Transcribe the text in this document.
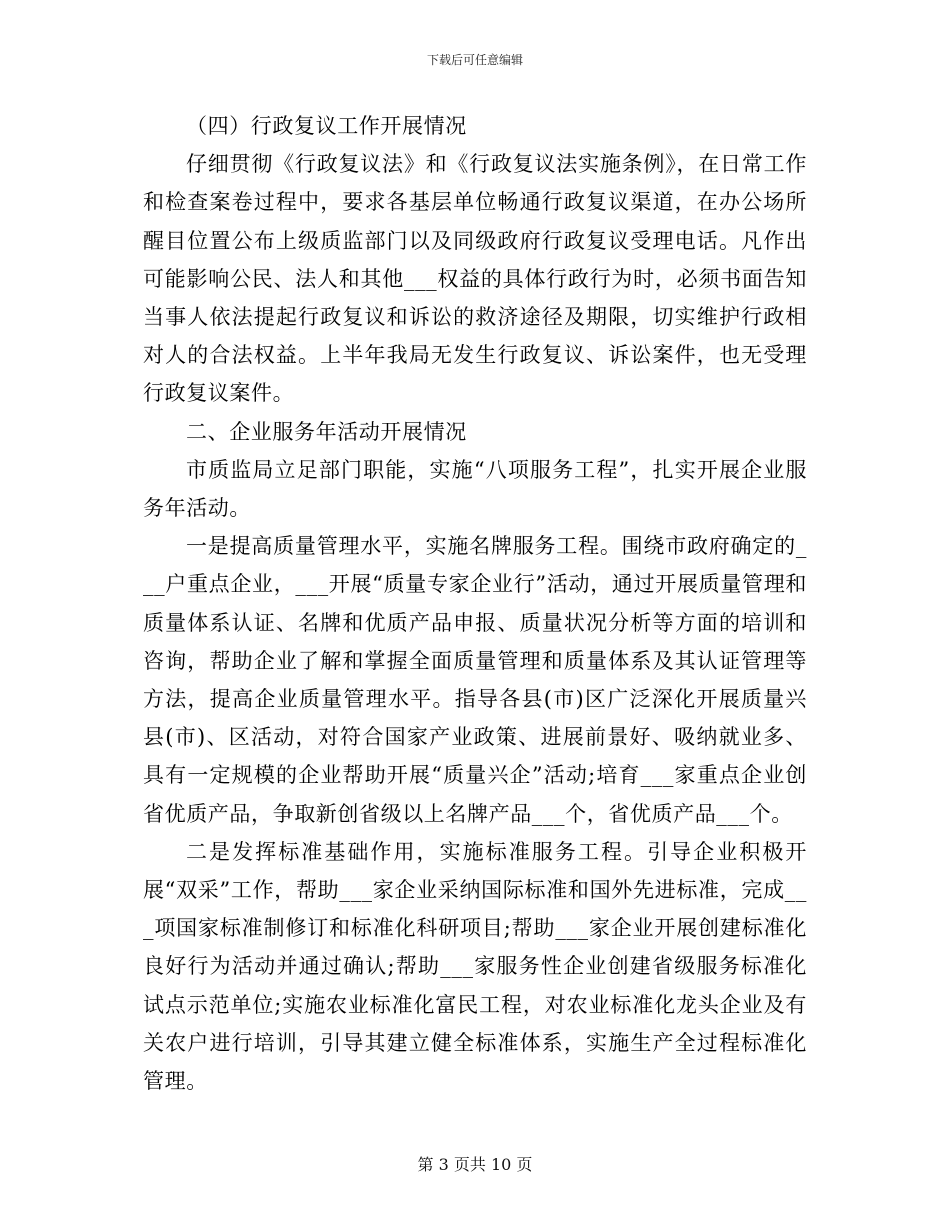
下载后可任意编辑

（四）行政复议工作开展情况

仔细贯彻《行政复议法》和《行政复议法实施条例》，在日常工作和检查案卷过程中，要求各基层单位畅通行政复议渠道，在办公场所醒目位置公布上级质监部门以及同级政府行政复议受理电话。凡作出可能影响公民、法人和其他___权益的具体行政行为时，必须书面告知当事人依法提起行政复议和诉讼的救济途径及期限，切实维护行政相对人的合法权益。上半年我局无发生行政复议、诉讼案件，也无受理行政复议案件。

二、企业服务年活动开展情况

市质监局立足部门职能，实施“八项服务工程”，扎实开展企业服务年活动。

一是提高质量管理水平，实施名牌服务工程。围绕市政府确定的___户重点企业，___开展“质量专家企业行”活动，通过开展质量管理和质量体系认证、名牌和优质产品申报、质量状况分析等方面的培训和咨询，帮助企业了解和掌握全面质量管理和质量体系及其认证管理等方法，提高企业质量管理水平。指导各县(市)区广泛深化开展质量兴县(市)、区活动，对符合国家产业政策、进展前景好、吸纳就业多、具有一定规模的企业帮助开展“质量兴企”活动;培育___家重点企业创省优质产品，争取新创省级以上名牌产品___个，省优质产品___个。

二是发挥标准基础作用，实施标准服务工程。引导企业积极开展“双采”工作，帮助___家企业采纳国际标准和国外先进标准，完成___项国家标准制修订和标准化科研项目;帮助___家企业开展创建标准化良好行为活动并通过确认;帮助___家服务性企业创建省级服务标准化试点示范单位;实施农业标准化富民工程，对农业标准化龙头企业及有关农户进行培训，引导其建立健全标准体系，实施生产全过程标准化管理。

第 3 页共 10 页
